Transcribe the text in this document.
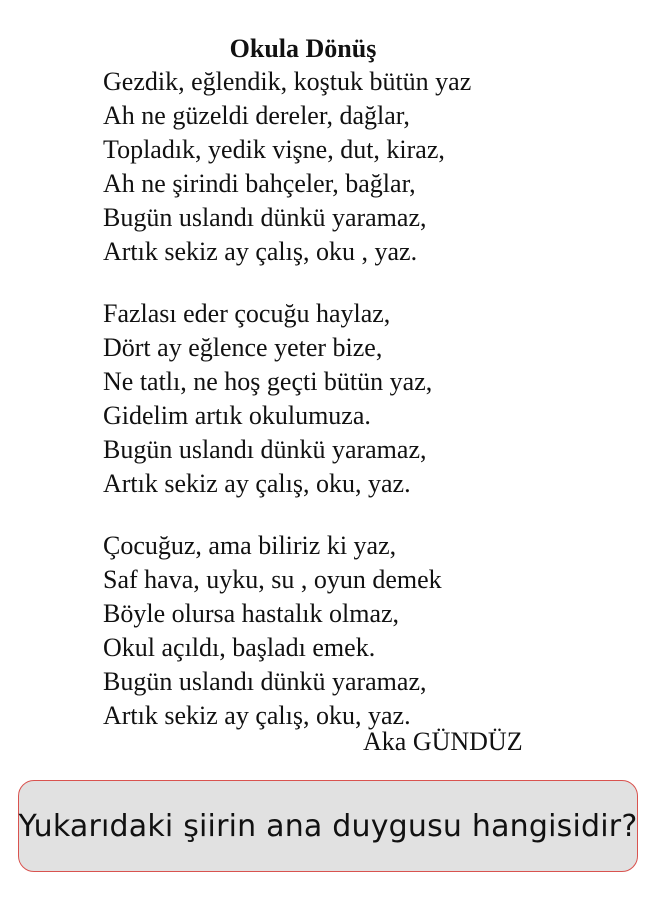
Okula Dönüş
Gezdik, eğlendik, koştuk bütün yaz
Ah ne güzeldi dereler, dağlar,
Topladık, yedik vişne, dut, kiraz,
Ah ne şirindi bahçeler, bağlar,
Bugün uslandı dünkü yaramaz,
Artık sekiz ay çalış, oku , yaz.
Fazlası eder çocuğu haylaz,
Dört ay eğlence yeter bize,
Ne tatlı, ne hoş geçti bütün yaz,
Gidelim artık okulumuza.
Bugün uslandı dünkü yaramaz,
Artık sekiz ay çalış, oku, yaz.
Çocuğuz, ama biliriz ki yaz,
Saf hava, uyku, su , oyun demek
Böyle olursa hastalık olmaz,
Okul açıldı, başladı emek.
Bugün uslandı dünkü yaramaz,
Artık sekiz ay çalış, oku, yaz.
Aka GÜNDÜZ
Yukarıdaki şiirin ana duygusu hangisidir?
